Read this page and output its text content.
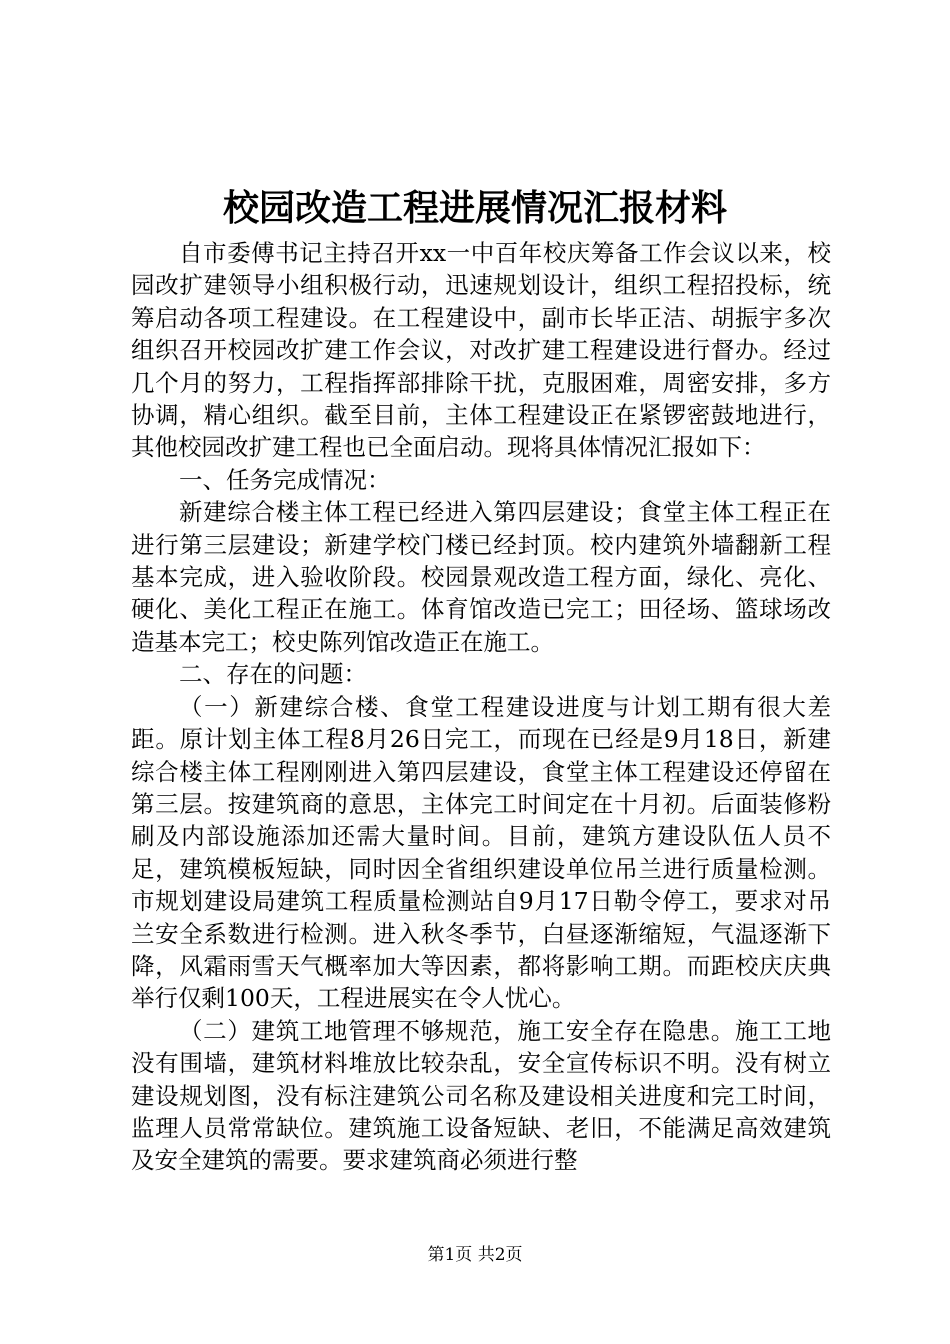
校园改造工程进展情况汇报材料

自市委傅书记主持召开xx一中百年校庆筹备工作会议以来，校园改扩建领导小组积极行动，迅速规划设计，组织工程招投标，统筹启动各项工程建设。在工程建设中，副市长毕正洁、胡振宇多次组织召开校园改扩建工作会议，对改扩建工程建设进行督办。经过几个月的努力，工程指挥部排除干扰，克服困难，周密安排，多方协调，精心组织。截至目前，主体工程建设正在紧锣密鼓地进行，其他校园改扩建工程也已全面启动。现将具体情况汇报如下：

一、任务完成情况：

新建综合楼主体工程已经进入第四层建设；食堂主体工程正在进行第三层建设；新建学校门楼已经封顶。校内建筑外墙翻新工程基本完成，进入验收阶段。校园景观改造工程方面，绿化、亮化、硬化、美化工程正在施工。体育馆改造已完工；田径场、篮球场改造基本完工；校史陈列馆改造正在施工。

二、存在的问题：

（一）新建综合楼、食堂工程建设进度与计划工期有很大差距。原计划主体工程8月26日完工，而现在已经是9月18日，新建综合楼主体工程刚刚进入第四层建设，食堂主体工程建设还停留在第三层。按建筑商的意思，主体完工时间定在十月初。后面装修粉刷及内部设施添加还需大量时间。目前，建筑方建设队伍人员不足，建筑模板短缺，同时因全省组织建设单位吊兰进行质量检测。市规划建设局建筑工程质量检测站自9月17日勒令停工，要求对吊兰安全系数进行检测。进入秋冬季节，白昼逐渐缩短，气温逐渐下降，风霜雨雪天气概率加大等因素，都将影响工期。而距校庆庆典举行仅剩100天，工程进展实在令人忧心。

（二）建筑工地管理不够规范，施工安全存在隐患。施工工地没有围墙，建筑材料堆放比较杂乱，安全宣传标识不明。没有树立建设规划图，没有标注建筑公司名称及建设相关进度和完工时间，监理人员常常缺位。建筑施工设备短缺、老旧，不能满足高效建筑及安全建筑的需要。要求建筑商必须进行整

第1页 共2页
